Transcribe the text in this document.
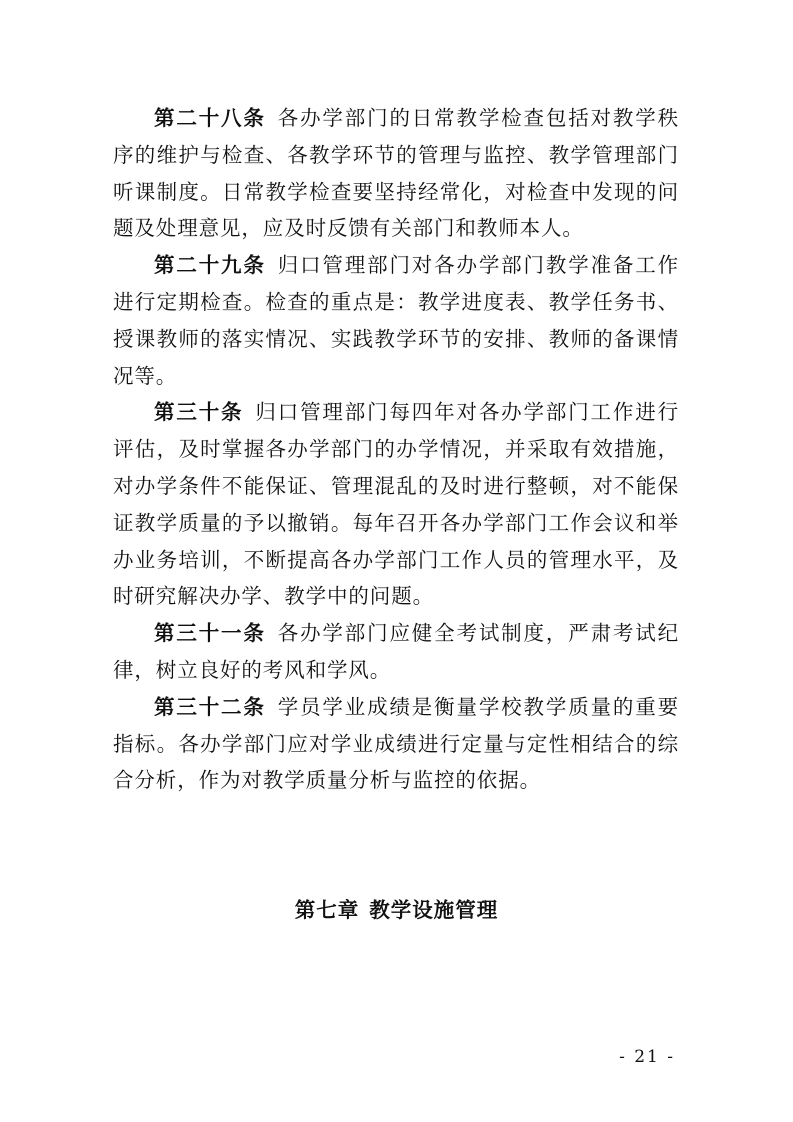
第二十八条 各办学部门的日常教学检查包括对教学秩序的维护与检查、各教学环节的管理与监控、教学管理部门听课制度。日常教学检查要坚持经常化，对检查中发现的问题及处理意见，应及时反馈有关部门和教师本人。

第二十九条 归口管理部门对各办学部门教学准备工作进行定期检查。检查的重点是：教学进度表、教学任务书、授课教师的落实情况、实践教学环节的安排、教师的备课情况等。

第三十条 归口管理部门每四年对各办学部门工作进行评估，及时掌握各办学部门的办学情况，并采取有效措施，对办学条件不能保证、管理混乱的及时进行整顿，对不能保证教学质量的予以撤销。每年召开各办学部门工作会议和举办业务培训，不断提高各办学部门工作人员的管理水平，及时研究解决办学、教学中的问题。

第三十一条 各办学部门应健全考试制度，严肃考试纪律，树立良好的考风和学风。

第三十二条 学员学业成绩是衡量学校教学质量的重要指标。各办学部门应对学业成绩进行定量与定性相结合的综合分析，作为对教学质量分析与监控的依据。

第七章 教学设施管理
- 21 -
